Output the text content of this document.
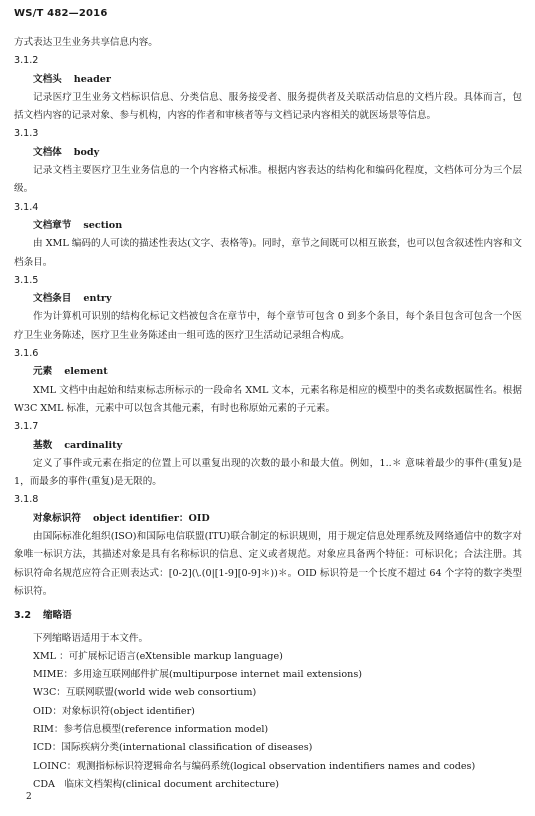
WS/T 482—2016

方式表达卫生业务共享信息内容。

3.1.2

文档头 header

记录医疗卫生业务文档标识信息、分类信息、服务接受者、服务提供者及关联活动信息的文档片段。具体而言，包括文档内容的记录对象、参与机构，内容的作者和审核者等与文档记录内容相关的就医场景等信息。

3.1.3

文档体 body

记录文档主要医疗卫生业务信息的一个内容格式标准。根据内容表达的结构化和编码化程度，文档体可分为三个层级。

3.1.4

文档章节 section

由 XML 编码的人可读的描述性表达(文字、表格等)。同时，章节之间既可以相互嵌套，也可以包含叙述性内容和文档条目。

3.1.5

文档条目 entry

作为计算机可识别的结构化标记文档被包含在章节中，每个章节可包含 0 到多个条目，每个条目包含可包含一个医疗卫生业务陈述，医疗卫生业务陈述由一组可选的医疗卫生活动记录组合构成。

3.1.6

元素 element

XML 文档中由起始和结束标志所标示的一段命名 XML 文本，元素名称是相应的模型中的类名或数据属性名。根据 W3C XML 标准，元素中可以包含其他元素，有时也称原始元素的子元素。

3.1.7

基数 cardinality

定义了事件或元素在指定的位置上可以重复出现的次数的最小和最大值。例如，1..＊ 意味着最少的事件(重复)是 1，而最多的事件(重复)是无限的。

3.1.8

对象标识符 object identifier：OID

由国际标准化组织(ISO)和国际电信联盟(ITU)联合制定的标识规则，用于规定信息处理系统及网络通信中的数字对象唯一标识方法，其描述对象是具有名称标识的信息、定义或者规范。对象应具备两个特征：可标识化；合法注册。其标识符命名规范应符合正则表达式：[0-2](\.(0|[1-9][0-9]＊))＊。OID 标识符是一个长度不超过 64 个字符的数字类型标识符。

3.2 缩略语

下列缩略语适用于本文件。

XML ：可扩展标记语言(eXtensible markup language)

MIME：多用途互联网邮件扩展(multipurpose internet mail extensions)

W3C：互联网联盟(world wide web consortium)

OID：对象标识符(object identifier)

RIM：参考信息模型(reference information model)

ICD：国际疾病分类(international classification of diseases)

LOINC：观测指标标识符逻辑命名与编码系统(logical observation indentifiers names and codes)

CDA　临床文档架构(clinical document architecture)

2
